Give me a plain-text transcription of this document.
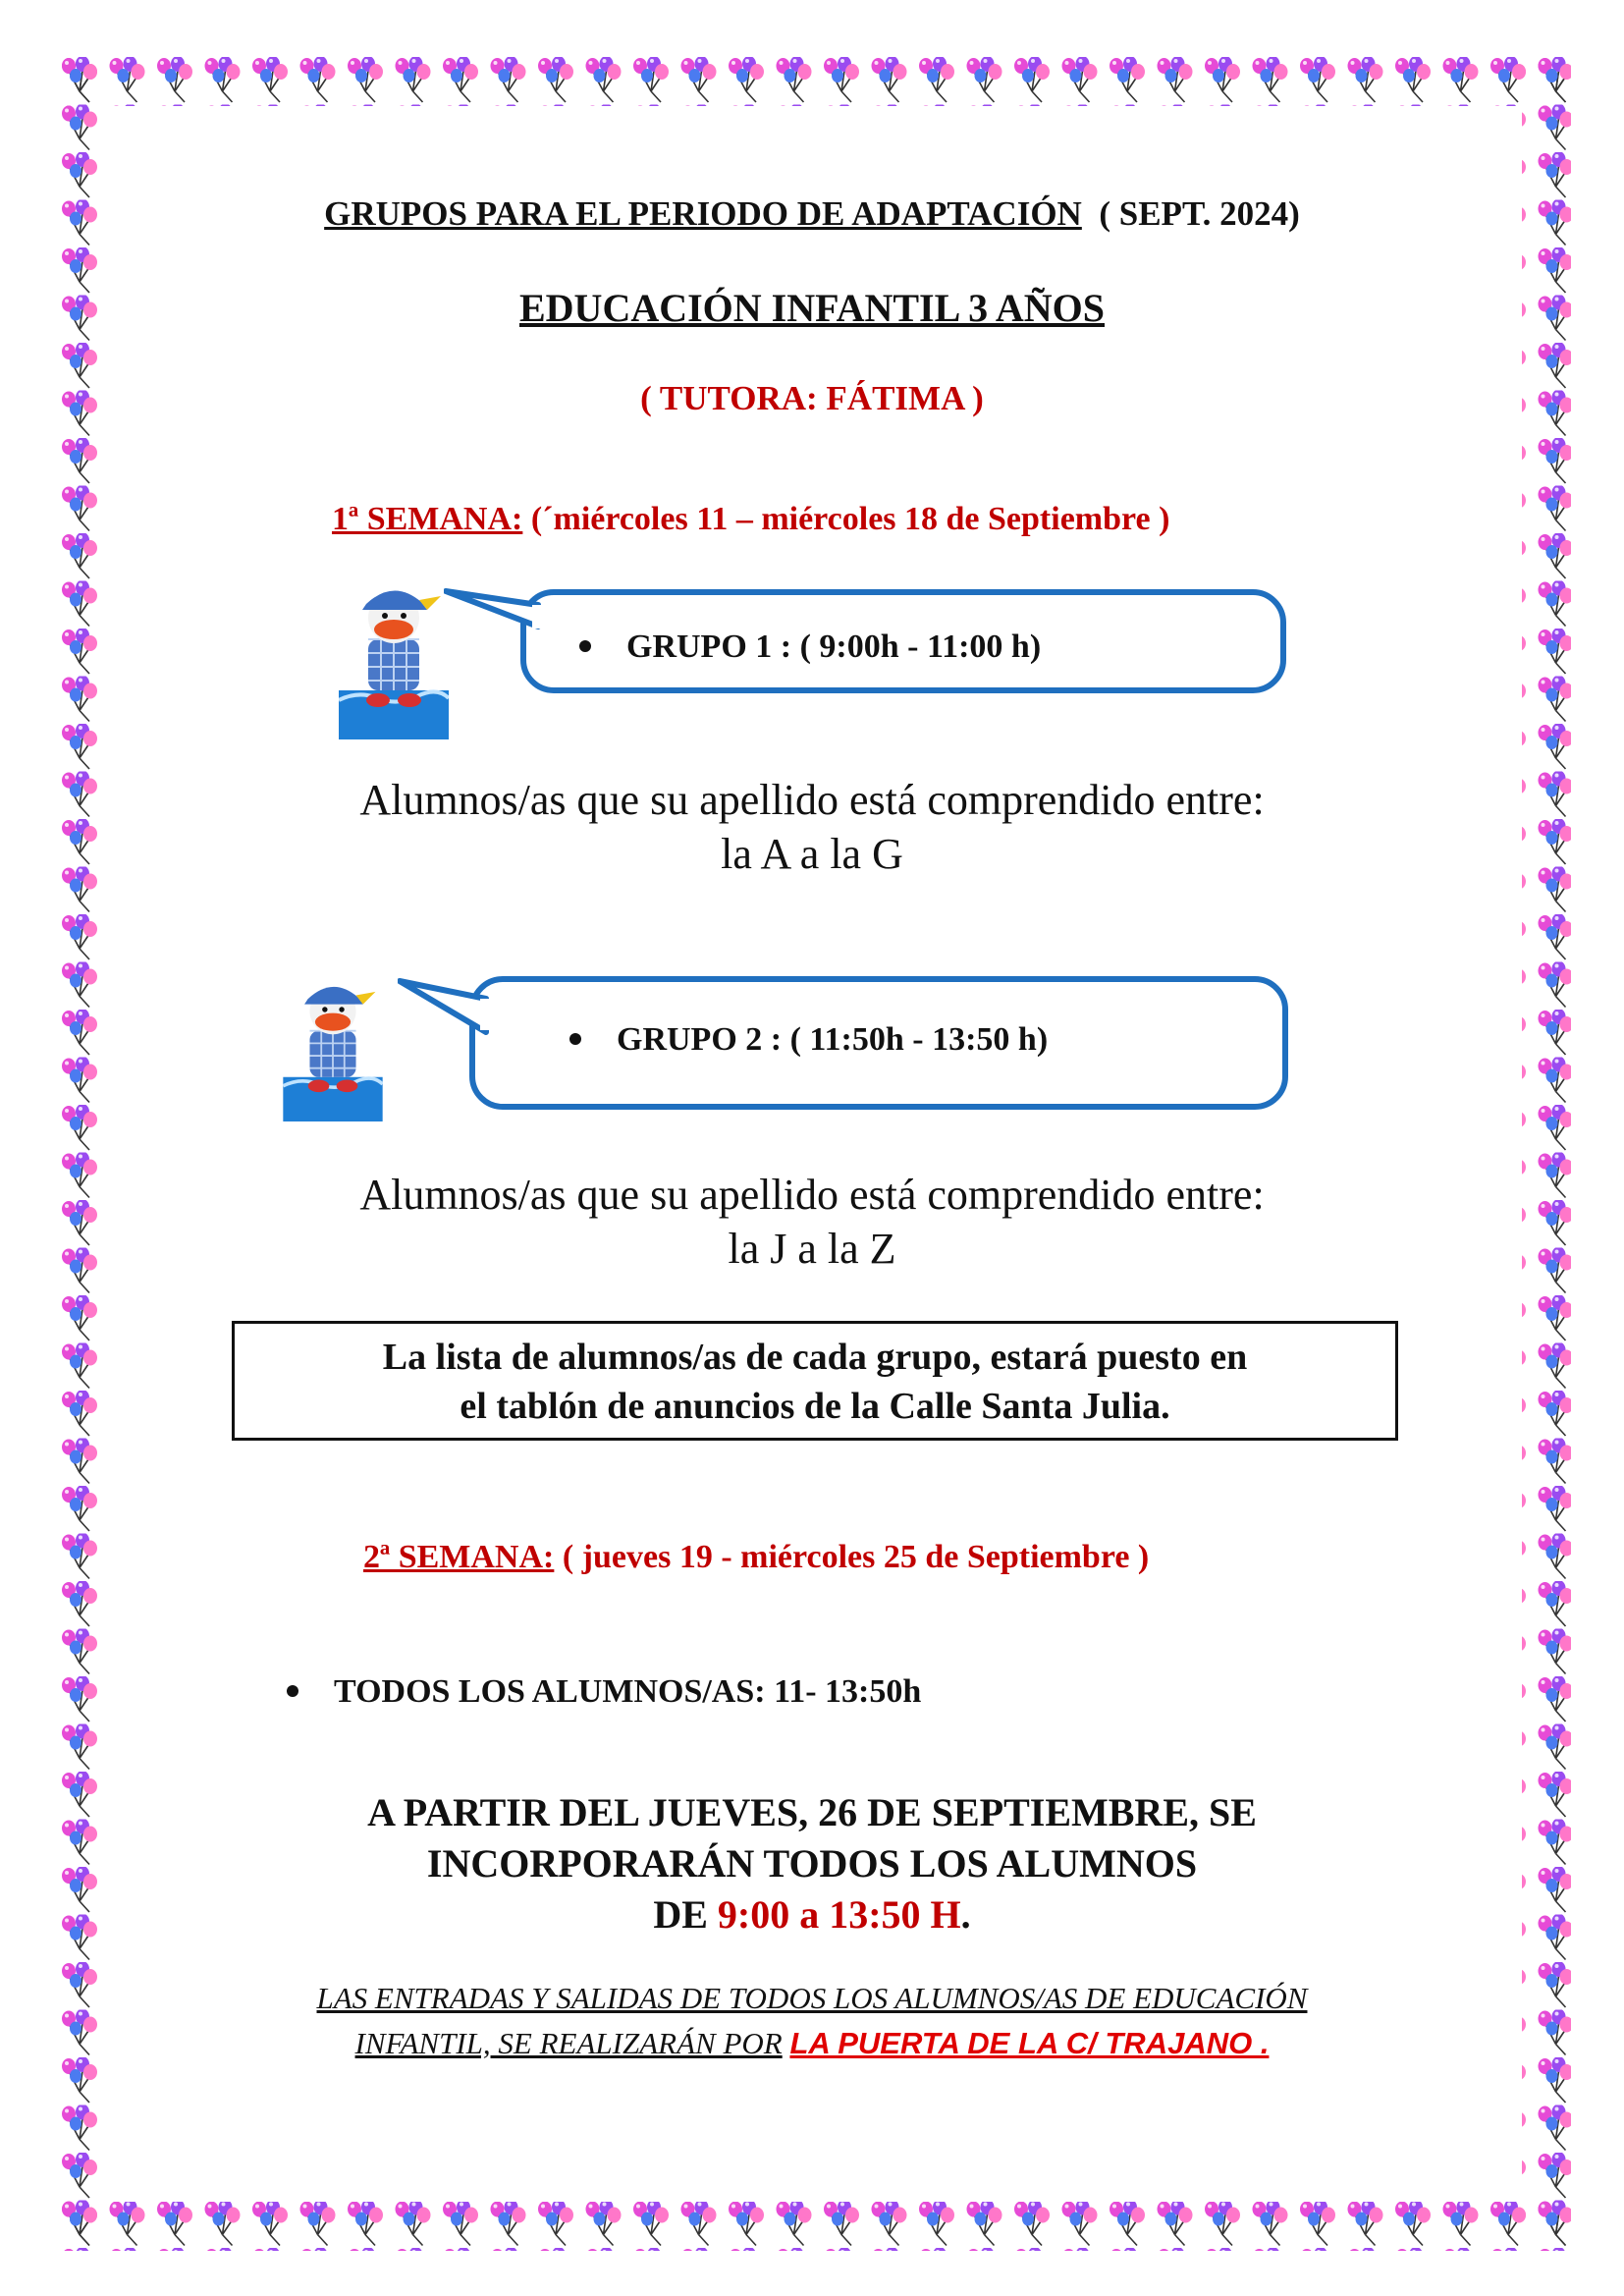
GRUPOS PARA EL PERIODO DE ADAPTACIÓN ( SEPT. 2024)
EDUCACIÓN INFANTIL 3 AÑOS
( TUTORA: FÁTIMA )
1ª SEMANA: (´miércoles 11 – miércoles 18 de Septiembre )
GRUPO 1 : ( 9:00h - 11:00 h)
Alumnos/as que su apellido está comprendido entre:
la A a la G
GRUPO 2 : ( 11:50h - 13:50 h)
Alumnos/as que su apellido está comprendido entre:
la J a la Z
La lista de alumnos/as de cada grupo, estará puesto en
el tablón de anuncios de la Calle Santa Julia.
2ª SEMANA: ( jueves 19 - miércoles 25 de Septiembre )
TODOS LOS ALUMNOS/AS: 11- 13:50h
A PARTIR DEL JUEVES, 26 DE SEPTIEMBRE, SE
INCORPORARÁN TODOS LOS ALUMNOS
DE 9:00 a 13:50 H.
LAS ENTRADAS Y SALIDAS DE TODOS LOS ALUMNOS/AS DE EDUCACIÓN
INFANTIL, SE REALIZARÁN POR LA PUERTA DE LA C/ TRAJANO .
